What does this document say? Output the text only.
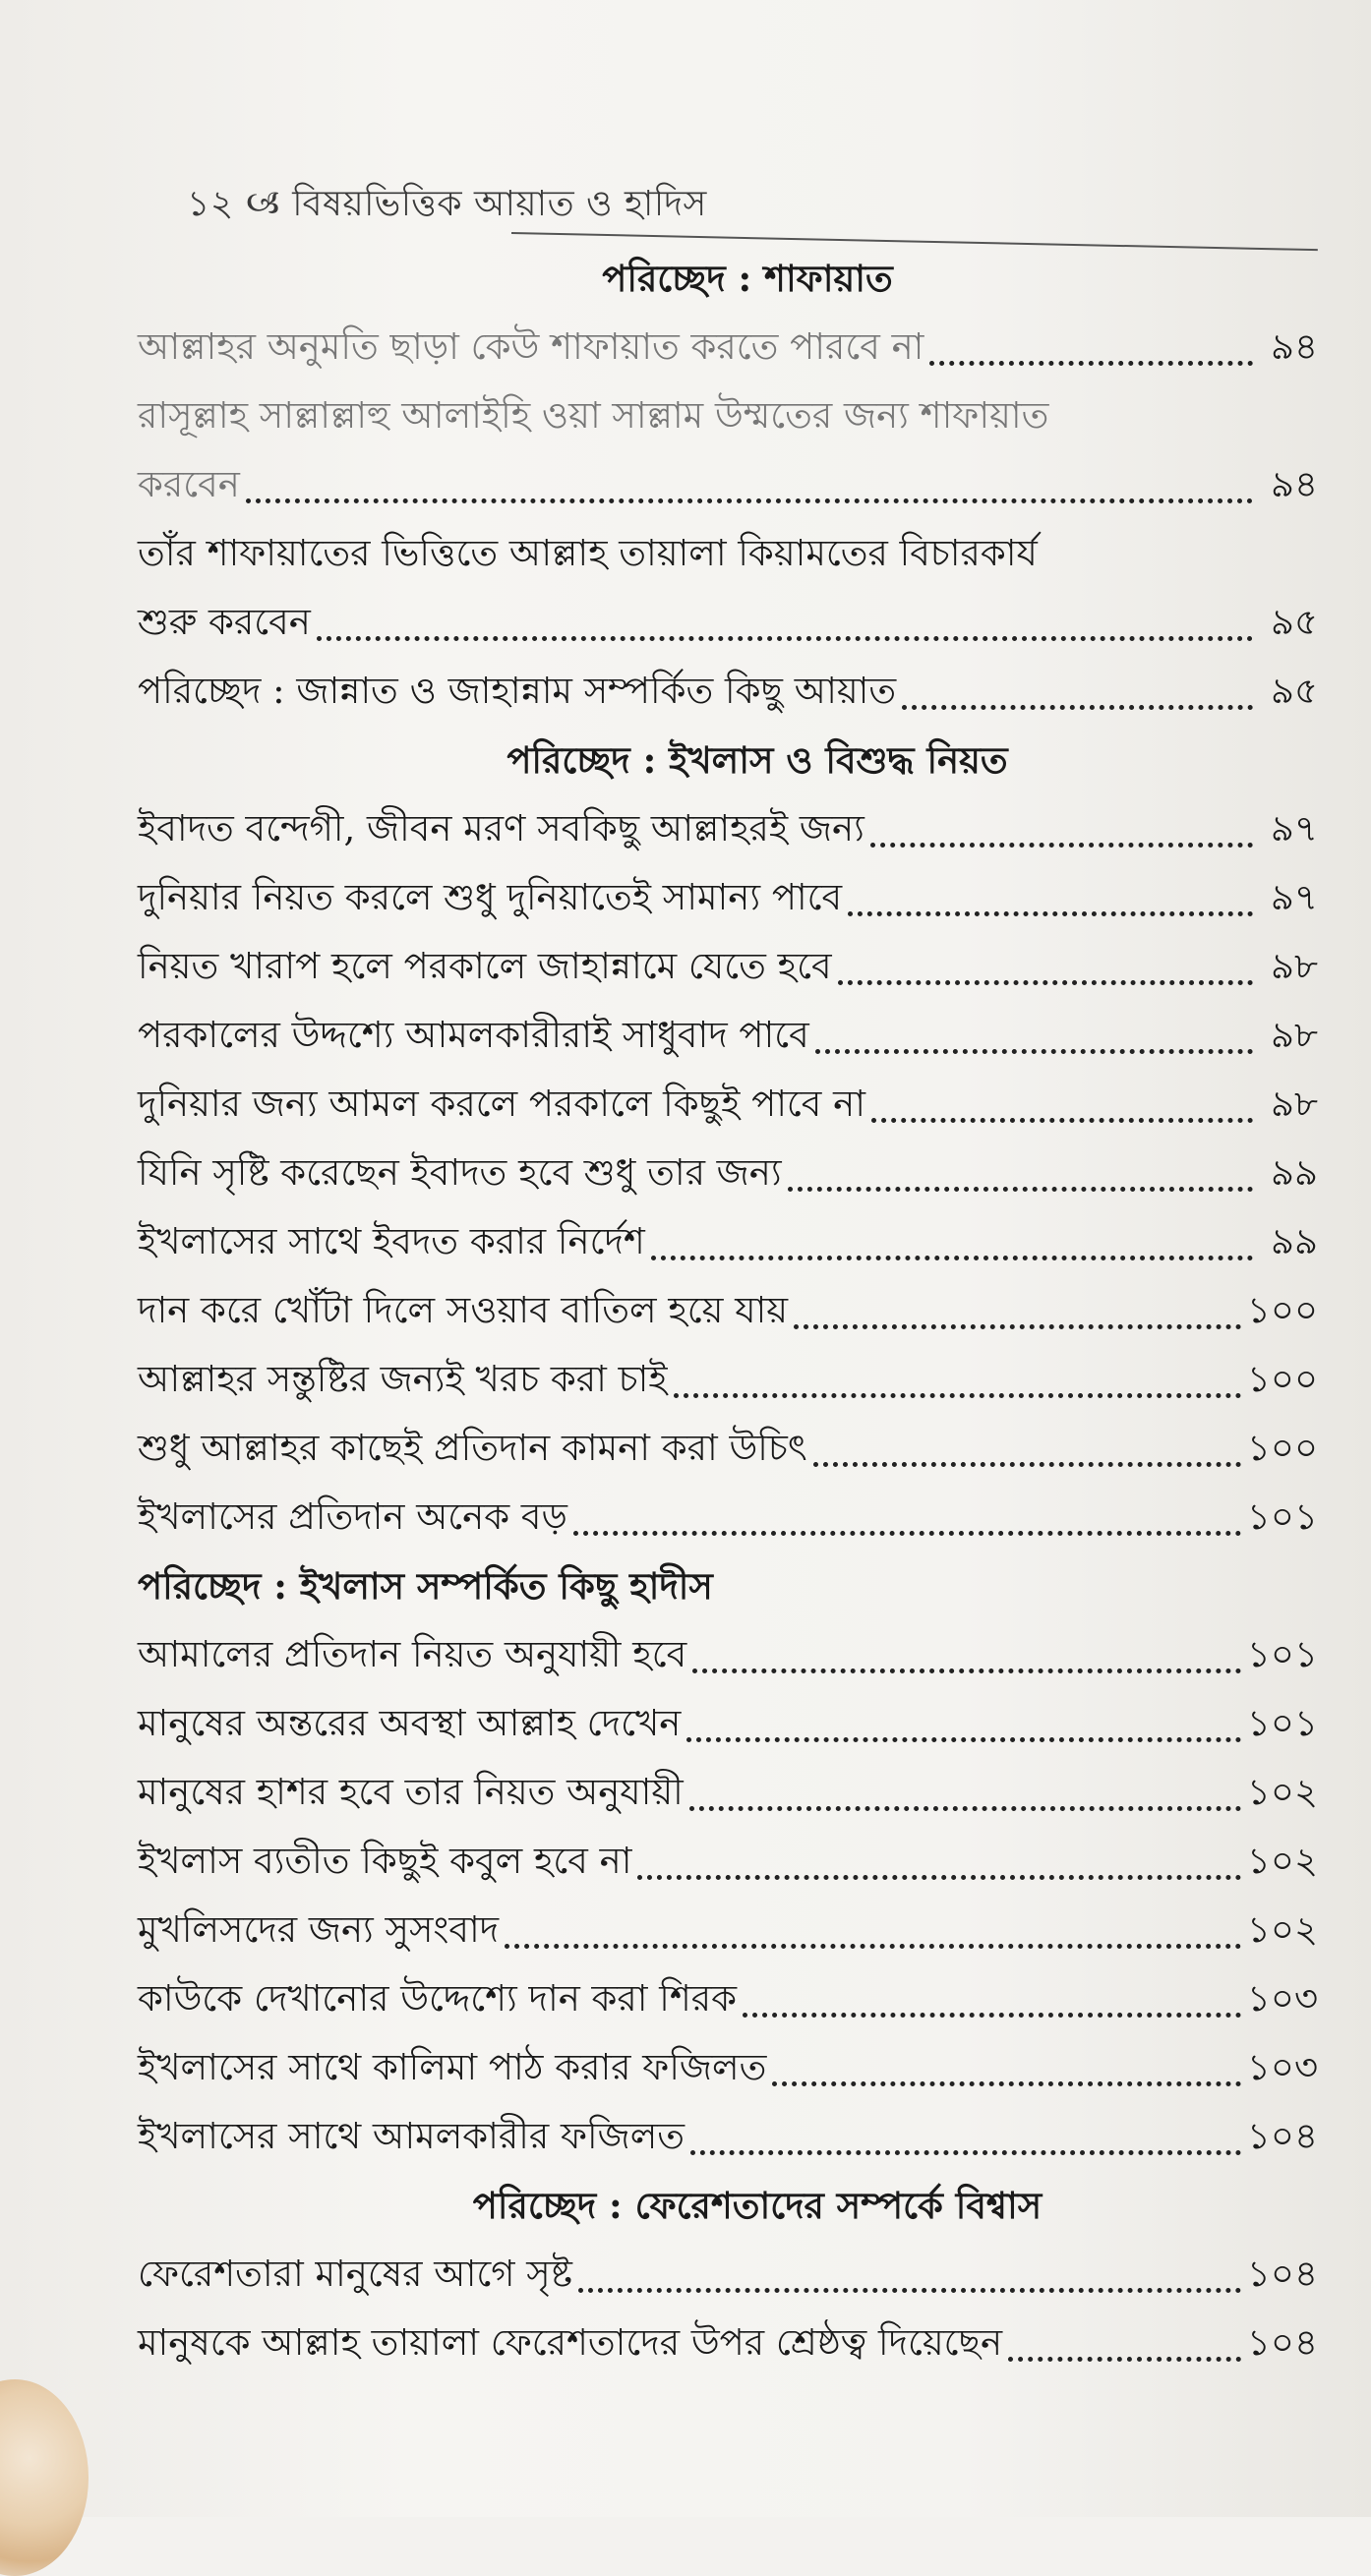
১২ 🙢 বিষয়ভিত্তিক আয়াত ও হাদিস
পরিচ্ছেদ : শাফায়াত
আল্লাহর অনুমতি ছাড়া কেউ শাফায়াত করতে পারবে না	৯৪
রাসূল্লাহ সাল্লাল্লাহু আলাইহি ওয়া সাল্লাম উম্মতের জন্য শাফায়াত
করবেন	৯৪
তাঁর শাফায়াতের ভিত্তিতে আল্লাহ তায়ালা কিয়ামতের বিচারকার্য
শুরু করবেন	৯৫
পরিচ্ছেদ : জান্নাত ও জাহান্নাম সম্পর্কিত কিছু আয়াত	৯৫
পরিচ্ছেদ : ইখলাস ও বিশুদ্ধ নিয়ত
ইবাদত বন্দেগী, জীবন মরণ সবকিছু আল্লাহরই জন্য	৯৭
দুনিয়ার নিয়ত করলে শুধু দুনিয়াতেই সামান্য পাবে	৯৭
নিয়ত খারাপ হলে পরকালে জাহান্নামে যেতে হবে	৯৮
পরকালের উদ্দশ্যে আমলকারীরাই সাধুবাদ পাবে	৯৮
দুনিয়ার জন্য আমল করলে পরকালে কিছুই পাবে না	৯৮
যিনি সৃষ্টি করেছেন ইবাদত হবে শুধু তার জন্য	৯৯
ইখলাসের সাথে ইবদত করার নির্দেশ	৯৯
দান করে খোঁটা দিলে সওয়াব বাতিল হয়ে যায়	১০০
আল্লাহর সন্তুষ্টির জন্যই খরচ করা চাই	১০০
শুধু আল্লাহর কাছেই প্রতিদান কামনা করা উচিৎ	১০০
ইখলাসের প্রতিদান অনেক বড়	১০১
পরিচ্ছেদ : ইখলাস সম্পর্কিত কিছু হাদীস
আমালের প্রতিদান নিয়ত অনুযায়ী হবে	১০১
মানুষের অন্তরের অবস্থা আল্লাহ দেখেন	১০১
মানুষের হাশর হবে তার নিয়ত অনুযায়ী	১০২
ইখলাস ব্যতীত কিছুই কবুল হবে না	১০২
মুখলিসদের জন্য সুসংবাদ	১০২
কাউকে দেখানোর উদ্দেশ্যে দান করা শিরক	১০৩
ইখলাসের সাথে কালিমা পাঠ করার ফজিলত	১০৩
ইখলাসের সাথে আমলকারীর ফজিলত	১০৪
পরিচ্ছেদ : ফেরেশতাদের সম্পর্কে বিশ্বাস
ফেরেশতারা মানুষের আগে সৃষ্ট	১০৪
মানুষকে আল্লাহ তায়ালা ফেরেশতাদের উপর শ্রেষ্ঠত্ব দিয়েছেন	১০৪
